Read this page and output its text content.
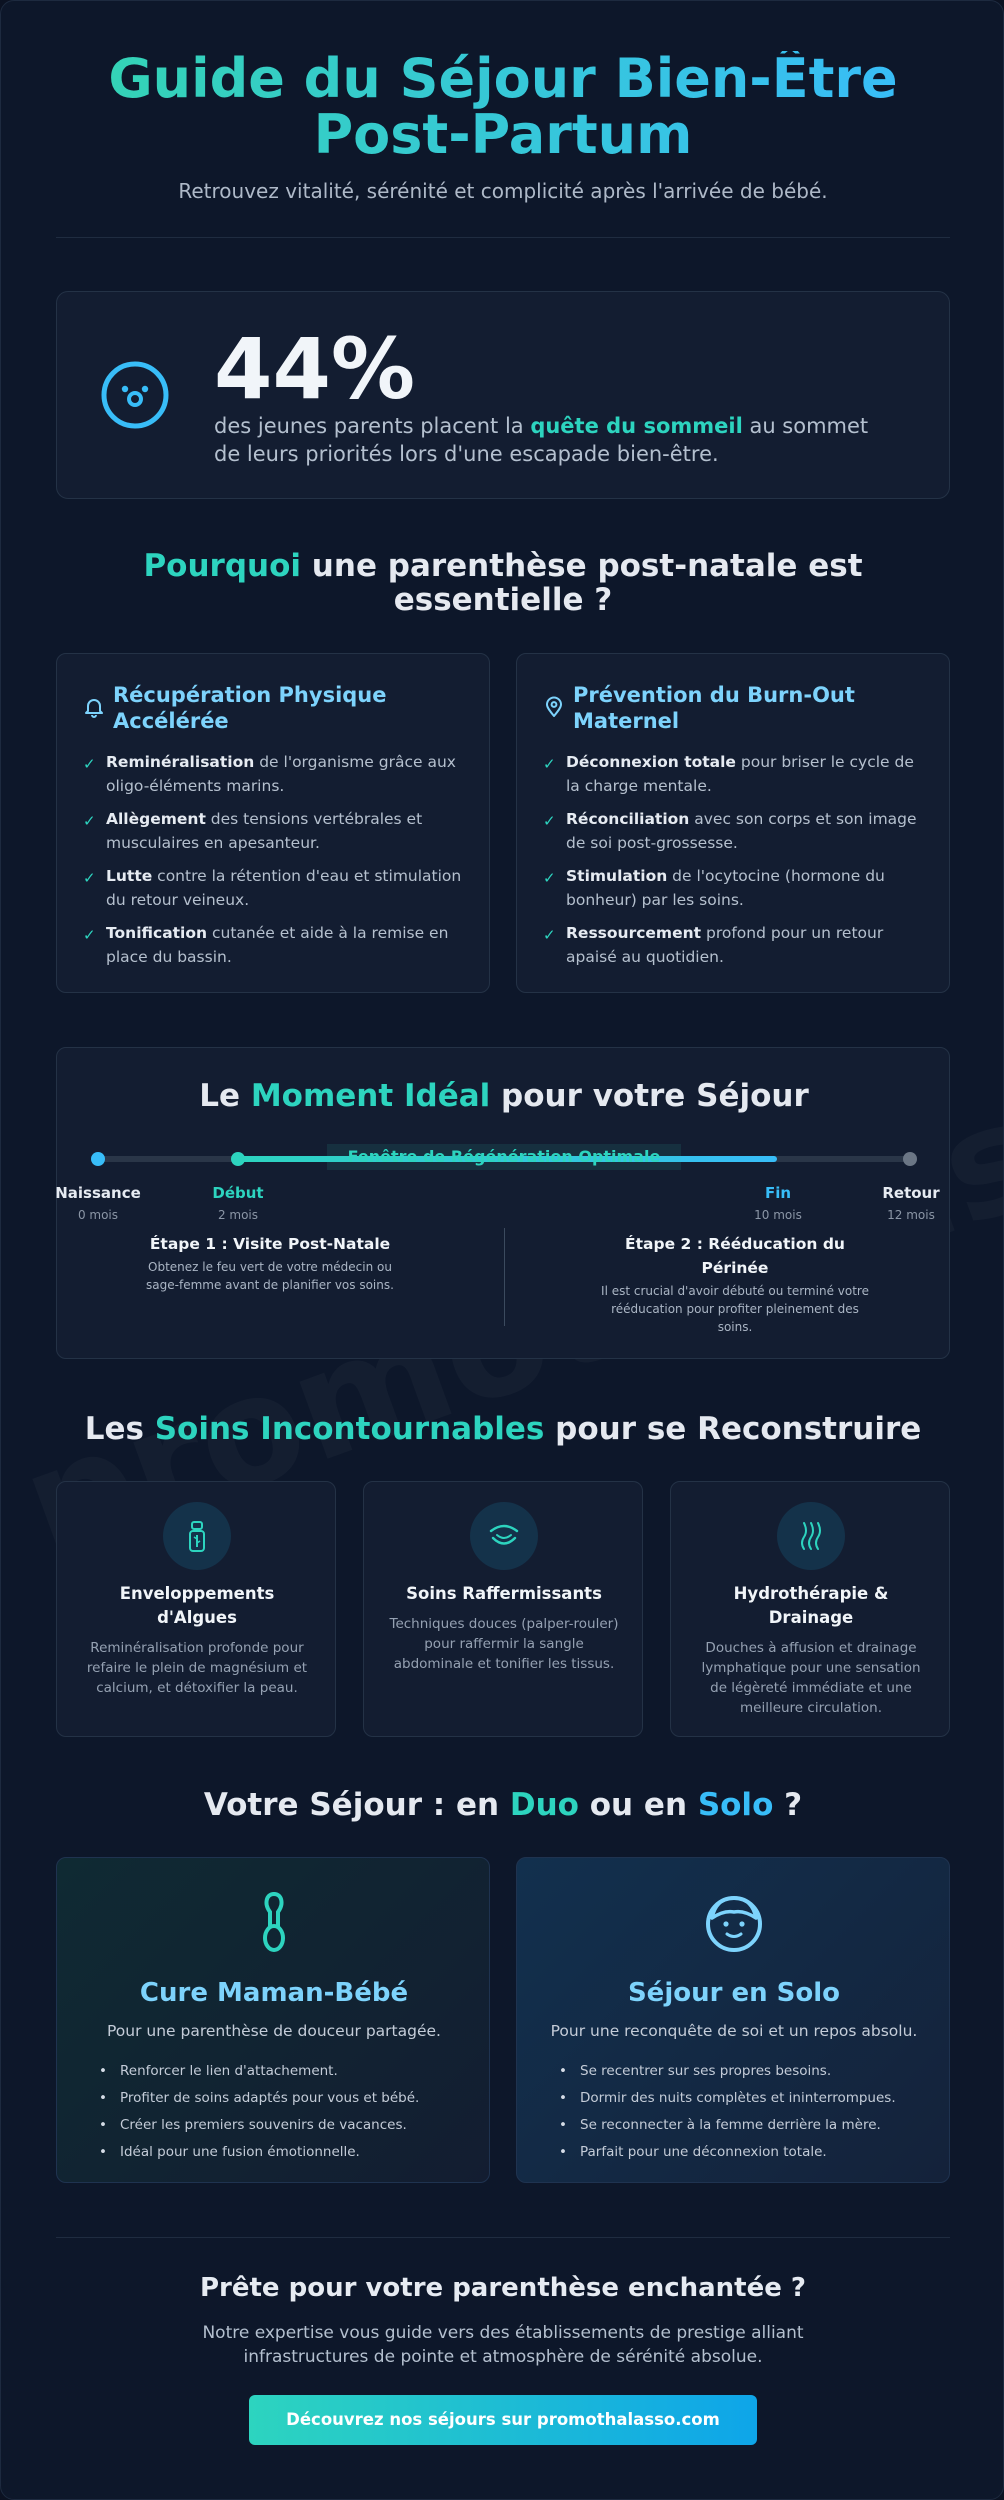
Guide du Séjour Bien-Être Post-Partum

Retrouvez vitalité, sérénité et complicité après l'arrivée de bébé.

44%
des jeunes parents placent la quête du sommeil au sommet de leurs priorités lors d'une escapade bien-être.
Pourquoi une parenthèse post-natale est essentielle ?
Récupération Physique Accélérée
✓ Reminéralisation de l'organisme grâce aux oligo-éléments marins.
✓ Allègement des tensions vertébrales et musculaires en apesanteur.
✓ Lutte contre la rétention d'eau et stimulation du retour veineux.
✓ Tonification cutanée et aide à la remise en place du bassin.
Prévention du Burn-Out Maternel
✓ Déconnexion totale pour briser le cycle de la charge mentale.
✓ Réconciliation avec son corps et son image de soi post-grossesse.
✓ Stimulation de l'ocytocine (hormone du bonheur) par les soins.
✓ Ressourcement profond pour un retour apaisé au quotidien.
Le Moment Idéal pour votre Séjour
Fenêtre de Régénération Optimale
Naissance
0 mois
Début
2 mois
Fin
10 mois
Retour
12 mois
Étape 1 : Visite Post-Natale
Obtenez le feu vert de votre médecin ou sage-femme avant de planifier vos soins.
Étape 2 : Rééducation du Périnée
Il est crucial d'avoir débuté ou terminé votre rééducation pour profiter pleinement des soins.
Les Soins Incontournables pour se Reconstruire
Enveloppements d'Algues

Reminéralisation profonde pour refaire le plein de magnésium et calcium, et détoxifier la peau.

Soins Raffermissants

Techniques douces (palper-rouler) pour raffermir la sangle abdominale et tonifier les tissus.

Hydrothérapie & Drainage

Douches à affusion et drainage lymphatique pour une sensation de légèreté immédiate et une meilleure circulation.

Votre Séjour : en Duo ou en Solo ?
Cure Maman-Bébé
Pour une parenthèse de douceur partagée.
• Renforcer le lien d'attachement.
• Profiter de soins adaptés pour vous et bébé.
• Créer les premiers souvenirs de vacances.
• Idéal pour une fusion émotionnelle.
Séjour en Solo
Pour une reconquête de soi et un repos absolu.
• Se recentrer sur ses propres besoins.
• Dormir des nuits complètes et ininterrompues.
• Se reconnecter à la femme derrière la mère.
• Parfait pour une déconnexion totale.
Prête pour votre parenthèse enchantée ?
Notre expertise vous guide vers des établissements de prestige alliant infrastructures de pointe et atmosphère de sérénité absolue.
Découvrez nos séjours sur promothalasso.com
